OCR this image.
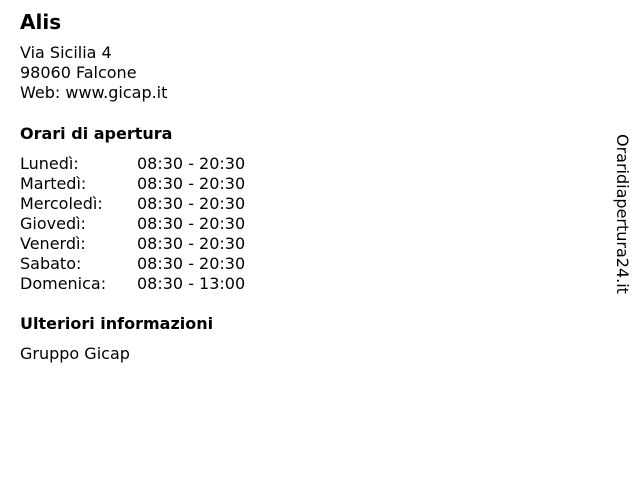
Alis
Via Sicilia 4
98060 Falcone
Web: www.gicap.it
Orari di apertura
Lunedì:	08:30 - 20:30
Martedì:	08:30 - 20:30
Mercoledì:	08:30 - 20:30
Giovedì:	08:30 - 20:30
Venerdì:	08:30 - 20:30
Sabato:	08:30 - 20:30
Domenica:	08:30 - 13:00
Ulteriori informazioni
Gruppo Gicap
Oraridiapertura24.it
